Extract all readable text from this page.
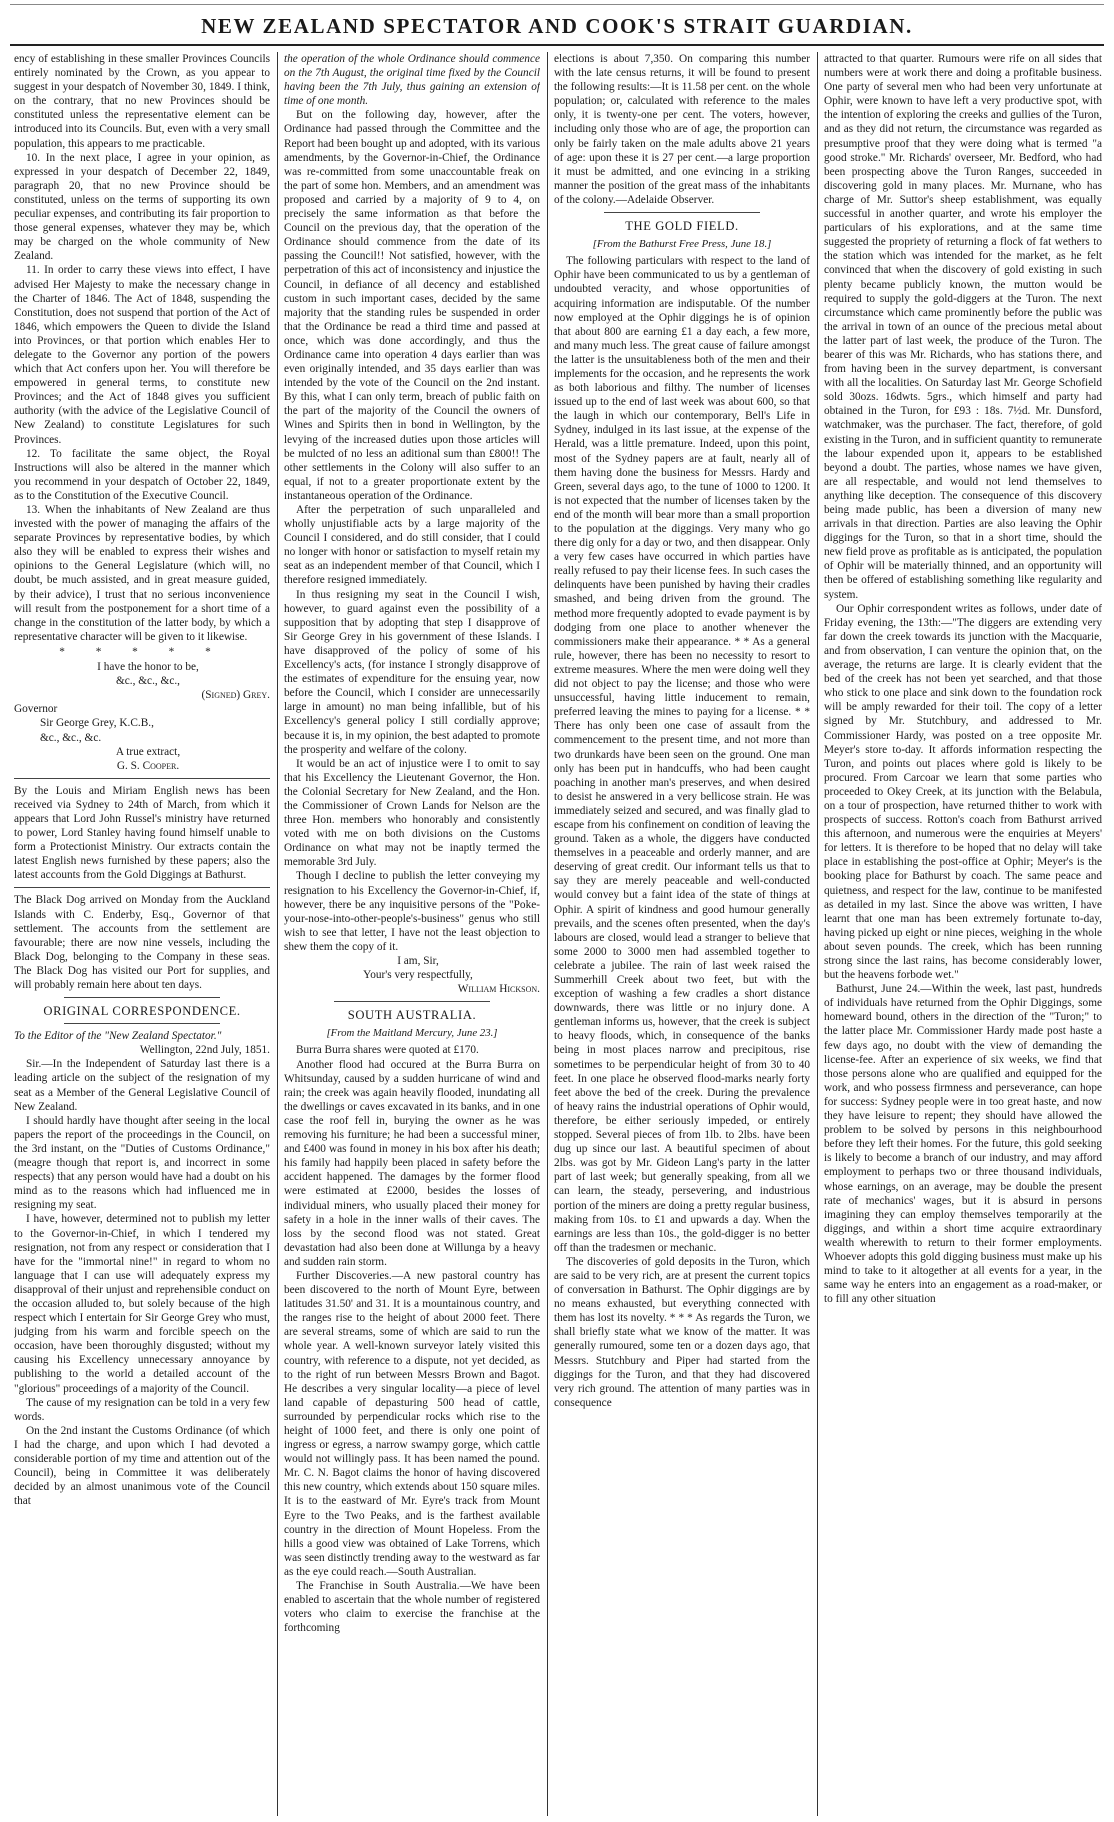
NEW ZEALAND SPECTATOR AND COOK'S STRAIT GUARDIAN.

ency of establishing in these smaller Provinces Councils entirely nominated by the Crown, as you appear to suggest in your despatch of November 30, 1849. I think, on the contrary, that no new Provinces should be constituted unless the representative element can be introduced into its Councils. But, even with a very small population, this appears to me practicable.

10. In the next place, I agree in your opinion, as expressed in your despatch of December 22, 1849, paragraph 20, that no new Province should be constituted, unless on the terms of supporting its own peculiar expenses, and contributing its fair proportion to those general expenses, whatever they may be, which may be charged on the whole community of New Zealand.

11. In order to carry these views into effect, I have advised Her Majesty to make the necessary change in the Charter of 1846. The Act of 1848, suspending the Constitution, does not suspend that portion of the Act of 1846, which empowers the Queen to divide the Island into Provinces, or that portion which enables Her to delegate to the Governor any portion of the powers which that Act confers upon her. You will therefore be empowered in general terms, to constitute new Provinces; and the Act of 1848 gives you sufficient authority (with the advice of the Legislative Council of New Zealand) to constitute Legislatures for such Provinces.

12. To facilitate the same object, the Royal Instructions will also be altered in the manner which you recommend in your despatch of October 22, 1849, as to the Constitution of the Executive Council.

13. When the inhabitants of New Zealand are thus invested with the power of managing the affairs of the separate Provinces by representative bodies, by which also they will be enabled to express their wishes and opinions to the General Legislature (which will, no doubt, be much assisted, and in great measure guided, by their advice), I trust that no serious inconvenience will result from the postponement for a short time of a change in the constitution of the latter body, by which a representative character will be given to it likewise.

* * * * *

I have the honor to be,

&c., &c., &c.,

(Signed) Grey.

Governor

Sir George Grey, K.C.B.,

&c., &c., &c.

A true extract,

G. S. Cooper.

By the Louis and Miriam English news has been received via Sydney to 24th of March, from which it appears that Lord John Russel's ministry have returned to power, Lord Stanley having found himself unable to form a Protectionist Ministry. Our extracts contain the latest English news furnished by these papers; also the latest accounts from the Gold Diggings at Bathurst.

The Black Dog arrived on Monday from the Auckland Islands with C. Enderby, Esq., Governor of that settlement. The accounts from the settlement are favourable; there are now nine vessels, including the Black Dog, belonging to the Company in these seas. The Black Dog has visited our Port for supplies, and will probably remain here about ten days.

ORIGINAL CORRESPONDENCE.

To the Editor of the "New Zealand Spectator."

Wellington, 22nd July, 1851.

Sir.—In the Independent of Saturday last there is a leading article on the subject of the resignation of my seat as a Member of the General Legislative Council of New Zealand.

I should hardly have thought after seeing in the local papers the report of the proceedings in the Council, on the 3rd instant, on the "Duties of Customs Ordinance," (meagre though that report is, and incorrect in some respects) that any person would have had a doubt on his mind as to the reasons which had influenced me in resigning my seat.

I have, however, determined not to publish my letter to the Governor-in-Chief, in which I tendered my resignation, not from any respect or consideration that I have for the "immortal nine!" in regard to whom no language that I can use will adequately express my disapproval of their unjust and reprehensible conduct on the occasion alluded to, but solely because of the high respect which I entertain for Sir George Grey who must, judging from his warm and forcible speech on the occasion, have been thoroughly disgusted; without my causing his Excellency unnecessary annoyance by publishing to the world a detailed account of the "glorious" proceedings of a majority of the Council.

The cause of my resignation can be told in a very few words.

On the 2nd instant the Customs Ordinance (of which I had the charge, and upon which I had devoted a considerable portion of my time and attention out of the Council), being in Committee it was deliberately decided by an almost unanimous vote of the Council that

the operation of the whole Ordinance should commence on the 7th August, the original time fixed by the Council having been the 7th July, thus gaining an extension of time of one month.

But on the following day, however, after the Ordinance had passed through the Committee and the Report had been bought up and adopted, with its various amendments, by the Governor-in-Chief, the Ordinance was re-committed from some unaccountable freak on the part of some hon. Members, and an amendment was proposed and carried by a majority of 9 to 4, on precisely the same information as that before the Council on the previous day, that the operation of the Ordinance should commence from the date of its passing the Council!! Not satisfied, however, with the perpetration of this act of inconsistency and injustice the Council, in defiance of all decency and established custom in such important cases, decided by the same majority that the standing rules be suspended in order that the Ordinance be read a third time and passed at once, which was done accordingly, and thus the Ordinance came into operation 4 days earlier than was even originally intended, and 35 days earlier than was intended by the vote of the Council on the 2nd instant. By this, what I can only term, breach of public faith on the part of the majority of the Council the owners of Wines and Spirits then in bond in Wellington, by the levying of the increased duties upon those articles will be mulcted of no less an aditional sum than £800!! The other settlements in the Colony will also suffer to an equal, if not to a greater proportionate extent by the instantaneous operation of the Ordinance.

After the perpetration of such unparalleled and wholly unjustifiable acts by a large majority of the Council I considered, and do still consider, that I could no longer with honor or satisfaction to myself retain my seat as an independent member of that Council, which I therefore resigned immediately.

In thus resigning my seat in the Council I wish, however, to guard against even the possibility of a supposition that by adopting that step I disapprove of Sir George Grey in his government of these Islands. I have disapproved of the policy of some of his Excellency's acts, (for instance I strongly disapprove of the estimates of expenditure for the ensuing year, now before the Council, which I consider are unnecessarily large in amount) no man being infallible, but of his Excellency's general policy I still cordially approve; because it is, in my opinion, the best adapted to promote the prosperity and welfare of the colony.

It would be an act of injustice were I to omit to say that his Excellency the Lieutenant Governor, the Hon. the Colonial Secretary for New Zealand, and the Hon. the Commissioner of Crown Lands for Nelson are the three Hon. members who honorably and consistently voted with me on both divisions on the Customs Ordinance on what may not be inaptly termed the memorable 3rd July.

Though I decline to publish the letter conveying my resignation to his Excellency the Governor-in-Chief, if, however, there be any inquisitive persons of the "Poke-your-nose-into-other-people's-business" genus who still wish to see that letter, I have not the least objection to shew them the copy of it.

I am, Sir,

Your's very respectfully,

William Hickson.

SOUTH AUSTRALIA.
[From the Maitland Mercury, June 23.]

Burra Burra shares were quoted at £170.

Another flood had occured at the Burra Burra on Whitsunday, caused by a sudden hurricane of wind and rain; the creek was again heavily flooded, inundating all the dwellings or caves excavated in its banks, and in one case the roof fell in, burying the owner as he was removing his furniture; he had been a successful miner, and £400 was found in money in his box after his death; his family had happily been placed in safety before the accident happened. The damages by the former flood were estimated at £2000, besides the losses of individual miners, who usually placed their money for safety in a hole in the inner walls of their caves. The loss by the second flood was not stated. Great devastation had also been done at Willunga by a heavy and sudden rain storm.

Further Discoveries.—A new pastoral country has been discovered to the north of Mount Eyre, between latitudes 31.50' and 31. It is a mountainous country, and the ranges rise to the height of about 2000 feet. There are several streams, some of which are said to run the whole year. A well-known surveyor lately visited this country, with reference to a dispute, not yet decided, as to the right of run between Messrs Brown and Bagot. He describes a very singular locality—a piece of level land capable of depasturing 500 head of cattle, surrounded by perpendicular rocks which rise to the height of 1000 feet, and there is only one point of ingress or egress, a narrow swampy gorge, which cattle would not willingly pass. It has been named the pound. Mr. C. N. Bagot claims the honor of having discovered this new country, which extends about 150 square miles. It is to the eastward of Mr. Eyre's track from Mount Eyre to the Two Peaks, and is the farthest available country in the direction of Mount Hopeless. From the hills a good view was obtained of Lake Torrens, which was seen distinctly trending away to the westward as far as the eye could reach.—South Australian.

The Franchise in South Australia.—We have been enabled to ascertain that the whole number of registered voters who claim to exercise the franchise at the forthcoming

elections is about 7,350. On comparing this number with the late census returns, it will be found to present the following results:—It is 11.58 per cent. on the whole population; or, calculated with reference to the males only, it is twenty-one per cent. The voters, however, including only those who are of age, the proportion can only be fairly taken on the male adults above 21 years of age: upon these it is 27 per cent.—a large proportion it must be admitted, and one evincing in a striking manner the position of the great mass of the inhabitants of the colony.—Adelaide Observer.

THE GOLD FIELD.
[From the Bathurst Free Press, June 18.]

The following particulars with respect to the land of Ophir have been communicated to us by a gentleman of undoubted veracity, and whose opportunities of acquiring information are indisputable. Of the number now employed at the Ophir diggings he is of opinion that about 800 are earning £1 a day each, a few more, and many much less. The great cause of failure amongst the latter is the unsuitableness both of the men and their implements for the occasion, and he represents the work as both laborious and filthy. The number of licenses issued up to the end of last week was about 600, so that the laugh in which our contemporary, Bell's Life in Sydney, indulged in its last issue, at the expense of the Herald, was a little premature. Indeed, upon this point, most of the Sydney papers are at fault, nearly all of them having done the business for Messrs. Hardy and Green, several days ago, to the tune of 1000 to 1200. It is not expected that the number of licenses taken by the end of the month will bear more than a small proportion to the population at the diggings. Very many who go there dig only for a day or two, and then disappear. Only a very few cases have occurred in which parties have really refused to pay their license fees. In such cases the delinquents have been punished by having their cradles smashed, and being driven from the ground. The method more frequently adopted to evade payment is by dodging from one place to another whenever the commissioners make their appearance. * * As a general rule, however, there has been no necessity to resort to extreme measures. Where the men were doing well they did not object to pay the license; and those who were unsuccessful, having little inducement to remain, preferred leaving the mines to paying for a license. * * There has only been one case of assault from the commencement to the present time, and not more than two drunkards have been seen on the ground. One man only has been put in handcuffs, who had been caught poaching in another man's preserves, and when desired to desist he answered in a very bellicose strain. He was immediately seized and secured, and was finally glad to escape from his confinement on condition of leaving the ground. Taken as a whole, the diggers have conducted themselves in a peaceable and orderly manner, and are deserving of great credit. Our informant tells us that to say they are merely peaceable and well-conducted would convey but a faint idea of the state of things at Ophir. A spirit of kindness and good humour generally prevails, and the scenes often presented, when the day's labours are closed, would lead a stranger to believe that some 2000 to 3000 men had assembled together to celebrate a jubilee. The rain of last week raised the Summerhill Creek about two feet, but with the exception of washing a few cradles a short distance downwards, there was little or no injury done. A gentleman informs us, however, that the creek is subject to heavy floods, which, in consequence of the banks being in most places narrow and precipitous, rise sometimes to be perpendicular height of from 30 to 40 feet. In one place he observed flood-marks nearly forty feet above the bed of the creek. During the prevalence of heavy rains the industrial operations of Ophir would, therefore, be either seriously impeded, or entirely stopped. Several pieces of from 1lb. to 2lbs. have been dug up since our last. A beautiful specimen of about 2lbs. was got by Mr. Gideon Lang's party in the latter part of last week; but generally speaking, from all we can learn, the steady, persevering, and industrious portion of the miners are doing a pretty regular business, making from 10s. to £1 and upwards a day. When the earnings are less than 10s., the gold-digger is no better off than the tradesmen or mechanic.

The discoveries of gold deposits in the Turon, which are said to be very rich, are at present the current topics of conversation in Bathurst. The Ophir diggings are by no means exhausted, but everything connected with them has lost its novelty. * * * As regards the Turon, we shall briefly state what we know of the matter. It was generally rumoured, some ten or a dozen days ago, that Messrs. Stutchbury and Piper had started from the diggings for the Turon, and that they had discovered very rich ground. The attention of many parties was in consequence

attracted to that quarter. Rumours were rife on all sides that numbers were at work there and doing a profitable business. One party of several men who had been very unfortunate at Ophir, were known to have left a very productive spot, with the intention of exploring the creeks and gullies of the Turon, and as they did not return, the circumstance was regarded as presumptive proof that they were doing what is termed "a good stroke." Mr. Richards' overseer, Mr. Bedford, who had been prospecting above the Turon Ranges, succeeded in discovering gold in many places. Mr. Murnane, who has charge of Mr. Suttor's sheep establishment, was equally successful in another quarter, and wrote his employer the particulars of his explorations, and at the same time suggested the propriety of returning a flock of fat wethers to the station which was intended for the market, as he felt convinced that when the discovery of gold existing in such plenty became publicly known, the mutton would be required to supply the gold-diggers at the Turon. The next circumstance which came prominently before the public was the arrival in town of an ounce of the precious metal about the latter part of last week, the produce of the Turon. The bearer of this was Mr. Richards, who has stations there, and from having been in the survey department, is conversant with all the localities. On Saturday last Mr. George Schofield sold 30ozs. 16dwts. 5grs., which himself and party had obtained in the Turon, for £93 : 18s. 7½d. Mr. Dunsford, watchmaker, was the purchaser. The fact, therefore, of gold existing in the Turon, and in sufficient quantity to remunerate the labour expended upon it, appears to be established beyond a doubt. The parties, whose names we have given, are all respectable, and would not lend themselves to anything like deception. The consequence of this discovery being made public, has been a diversion of many new arrivals in that direction. Parties are also leaving the Ophir diggings for the Turon, so that in a short time, should the new field prove as profitable as is anticipated, the population of Ophir will be materially thinned, and an opportunity will then be offered of establishing something like regularity and system.

Our Ophir correspondent writes as follows, under date of Friday evening, the 13th:—"The diggers are extending very far down the creek towards its junction with the Macquarie, and from observation, I can venture the opinion that, on the average, the returns are large. It is clearly evident that the bed of the creek has not been yet searched, and that those who stick to one place and sink down to the foundation rock will be amply rewarded for their toil. The copy of a letter signed by Mr. Stutchbury, and addressed to Mr. Commissioner Hardy, was posted on a tree opposite Mr. Meyer's store to-day. It affords information respecting the Turon, and points out places where gold is likely to be procured. From Carcoar we learn that some parties who proceeded to Okey Creek, at its junction with the Belabula, on a tour of prospection, have returned thither to work with prospects of success. Rotton's coach from Bathurst arrived this afternoon, and numerous were the enquiries at Meyers' for letters. It is therefore to be hoped that no delay will take place in establishing the post-office at Ophir; Meyer's is the booking place for Bathurst by coach. The same peace and quietness, and respect for the law, continue to be manifested as detailed in my last. Since the above was written, I have learnt that one man has been extremely fortunate to-day, having picked up eight or nine pieces, weighing in the whole about seven pounds. The creek, which has been running strong since the last rains, has become considerably lower, but the heavens forbode wet."

Bathurst, June 24.—Within the week, last past, hundreds of individuals have returned from the Ophir Diggings, some homeward bound, others in the direction of the "Turon;" to the latter place Mr. Commissioner Hardy made post haste a few days ago, no doubt with the view of demanding the license-fee. After an experience of six weeks, we find that those persons alone who are qualified and equipped for the work, and who possess firmness and perseverance, can hope for success: Sydney people were in too great haste, and now they have leisure to repent; they should have allowed the problem to be solved by persons in this neighbourhood before they left their homes. For the future, this gold seeking is likely to become a branch of our industry, and may afford employment to perhaps two or three thousand individuals, whose earnings, on an average, may be double the present rate of mechanics' wages, but it is absurd in persons imagining they can employ themselves temporarily at the diggings, and within a short time acquire extraordinary wealth wherewith to return to their former employments. Whoever adopts this gold digging business must make up his mind to take to it altogether at all events for a year, in the same way he enters into an engagement as a road-maker, or to fill any other situation
